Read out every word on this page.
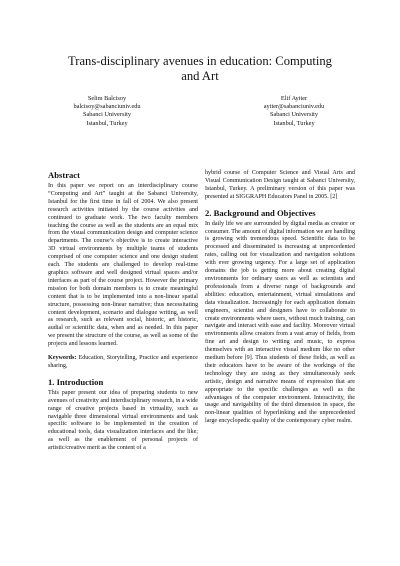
Trans-disciplinary avenues in education: Computing
and Art
Selim Balcisoy
balcisoy@sabanciuniv.edu
Sabanci University
Istanbul, Turkey
Elif Ayiter
ayiter@sabanciuniv.edu
Sabanci University
Istanbul, Turkey
Abstract

In this paper we report on an interdisciplinary course “Computing and Art” taught at the Sabanci University, Istanbul for the first time in fall of 2004. We also present research activities initiated by the course activities and continued to graduate work. The two faculty members teaching the course as well as the students are an equal mix from the visual communication design and computer science departments. The course’s objective is to create interactive 3D virtual environments by multiple teams of students comprised of one computer science and one design student each. The students are challenged to develop real-time graphics software and well designed virtual spaces and/or interfaces as part of the course project. However the primary mission for both domain members is to create meaningful content that is to be implemented into a non-linear spatial structure, possessing non-linear narrative; thus necessitating content development, scenario and dialogue writing, as well as research, such as relevant social, historic, art historic, audial or scientific data, when and as needed. In this paper we present the structure of the course, as well as some of the projects and lessons learned.

Keywords: Education, Storytelling, Practice and experience sharing,

1. Introduction

This paper present our idea of preparing students to new avenues of creativity and interdisciplinary research, in a wide range of creative projects based in virtuality, such as navigable three dimensional virtual environments and task specific software to be implemented in the creation of educational tools, data visualization interfaces and the like; as well as the enablement of personal projects of artistic/creative merit as the content of a

hybrid course of Computer Science and Visual Arts and Visual Communication Design taught at Sabanci University, Istanbul, Turkey. A preliminary version of this paper was presented at SIGGRAPH Educators Panel in 2005. [2]

2. Background and Objectives

In daily life we are surrounded by digital media as creator or consumer. The amount of digital information we are handling is growing with tremendous speed. Scientific data to be processed and disseminated is increasing at unprecedented rates, calling out for visualization and navigation solutions with ever growing urgency. For a large set of application domains the job is getting more about creating digital environments for ordinary users as well as scientists and professionals from a diverse range of backgrounds and abilities: education, entertainment, virtual simulations and data visualization. Increasingly for each application domain engineers, scientist and designers have to collaborate to create environments where users, without much training, can navigate and interact with ease and facility. Moreover virtual environments allow creators from a vast array of fields, from fine art and design to writing and music, to express themselves with an interactive visual medium like no other medium before [9]. Thus students of these fields, as well as their educators have to be aware of the workings of the technology they are using as they simultaneously seek artistic, design and narrative means of expression that are appropriate to the specific challenges as well as the advantages of the computer environment. Interactivity, the usage and navigability of the third dimension in space, the non-linear qualities of hyperlinking and the unprecedented large encyclopedic quality of the contemporary cyber realm.
